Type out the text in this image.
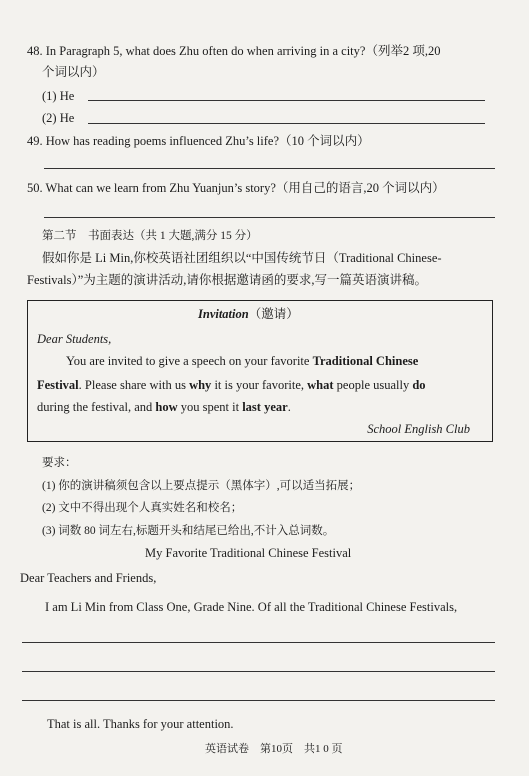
48. In Paragraph 5, what does Zhu often do when arriving in a city?（列举2 项,20
个词以内）
(1) He
(2) He
49. How has reading poems influenced Zhu’s life?（10 个词以内）
50. What can we learn from Zhu Yuanjun’s story?（用自己的语言,20 个词以内）
第二节　书面表达（共 1 大题,满分 15 分）
假如你是 Li Min,你校英语社团组织以“中国传统节日（Traditional Chinese-
Festivals）”为主题的演讲活动,请你根据邀请函的要求,写一篇英语演讲稿。
Invitation（邀请）
Dear Students,
You are invited to give a speech on your favorite Traditional Chinese
Festival. Please share with us why it is your favorite, what people usually do
during the festival, and how you spent it last year.
School English Club
要求：
(1) 你的演讲稿须包含以上要点提示（黑体字）,可以适当拓展；
(2) 文中不得出现个人真实姓名和校名；
(3) 词数 80 词左右,标题开头和结尾已给出,不计入总词数。
My Favorite Traditional Chinese Festival
Dear Teachers and Friends,
I am Li Min from Class One, Grade Nine. Of all the Traditional Chinese Festivals,
That is all. Thanks for your attention.
英语试卷　第10页　共1 0 页
